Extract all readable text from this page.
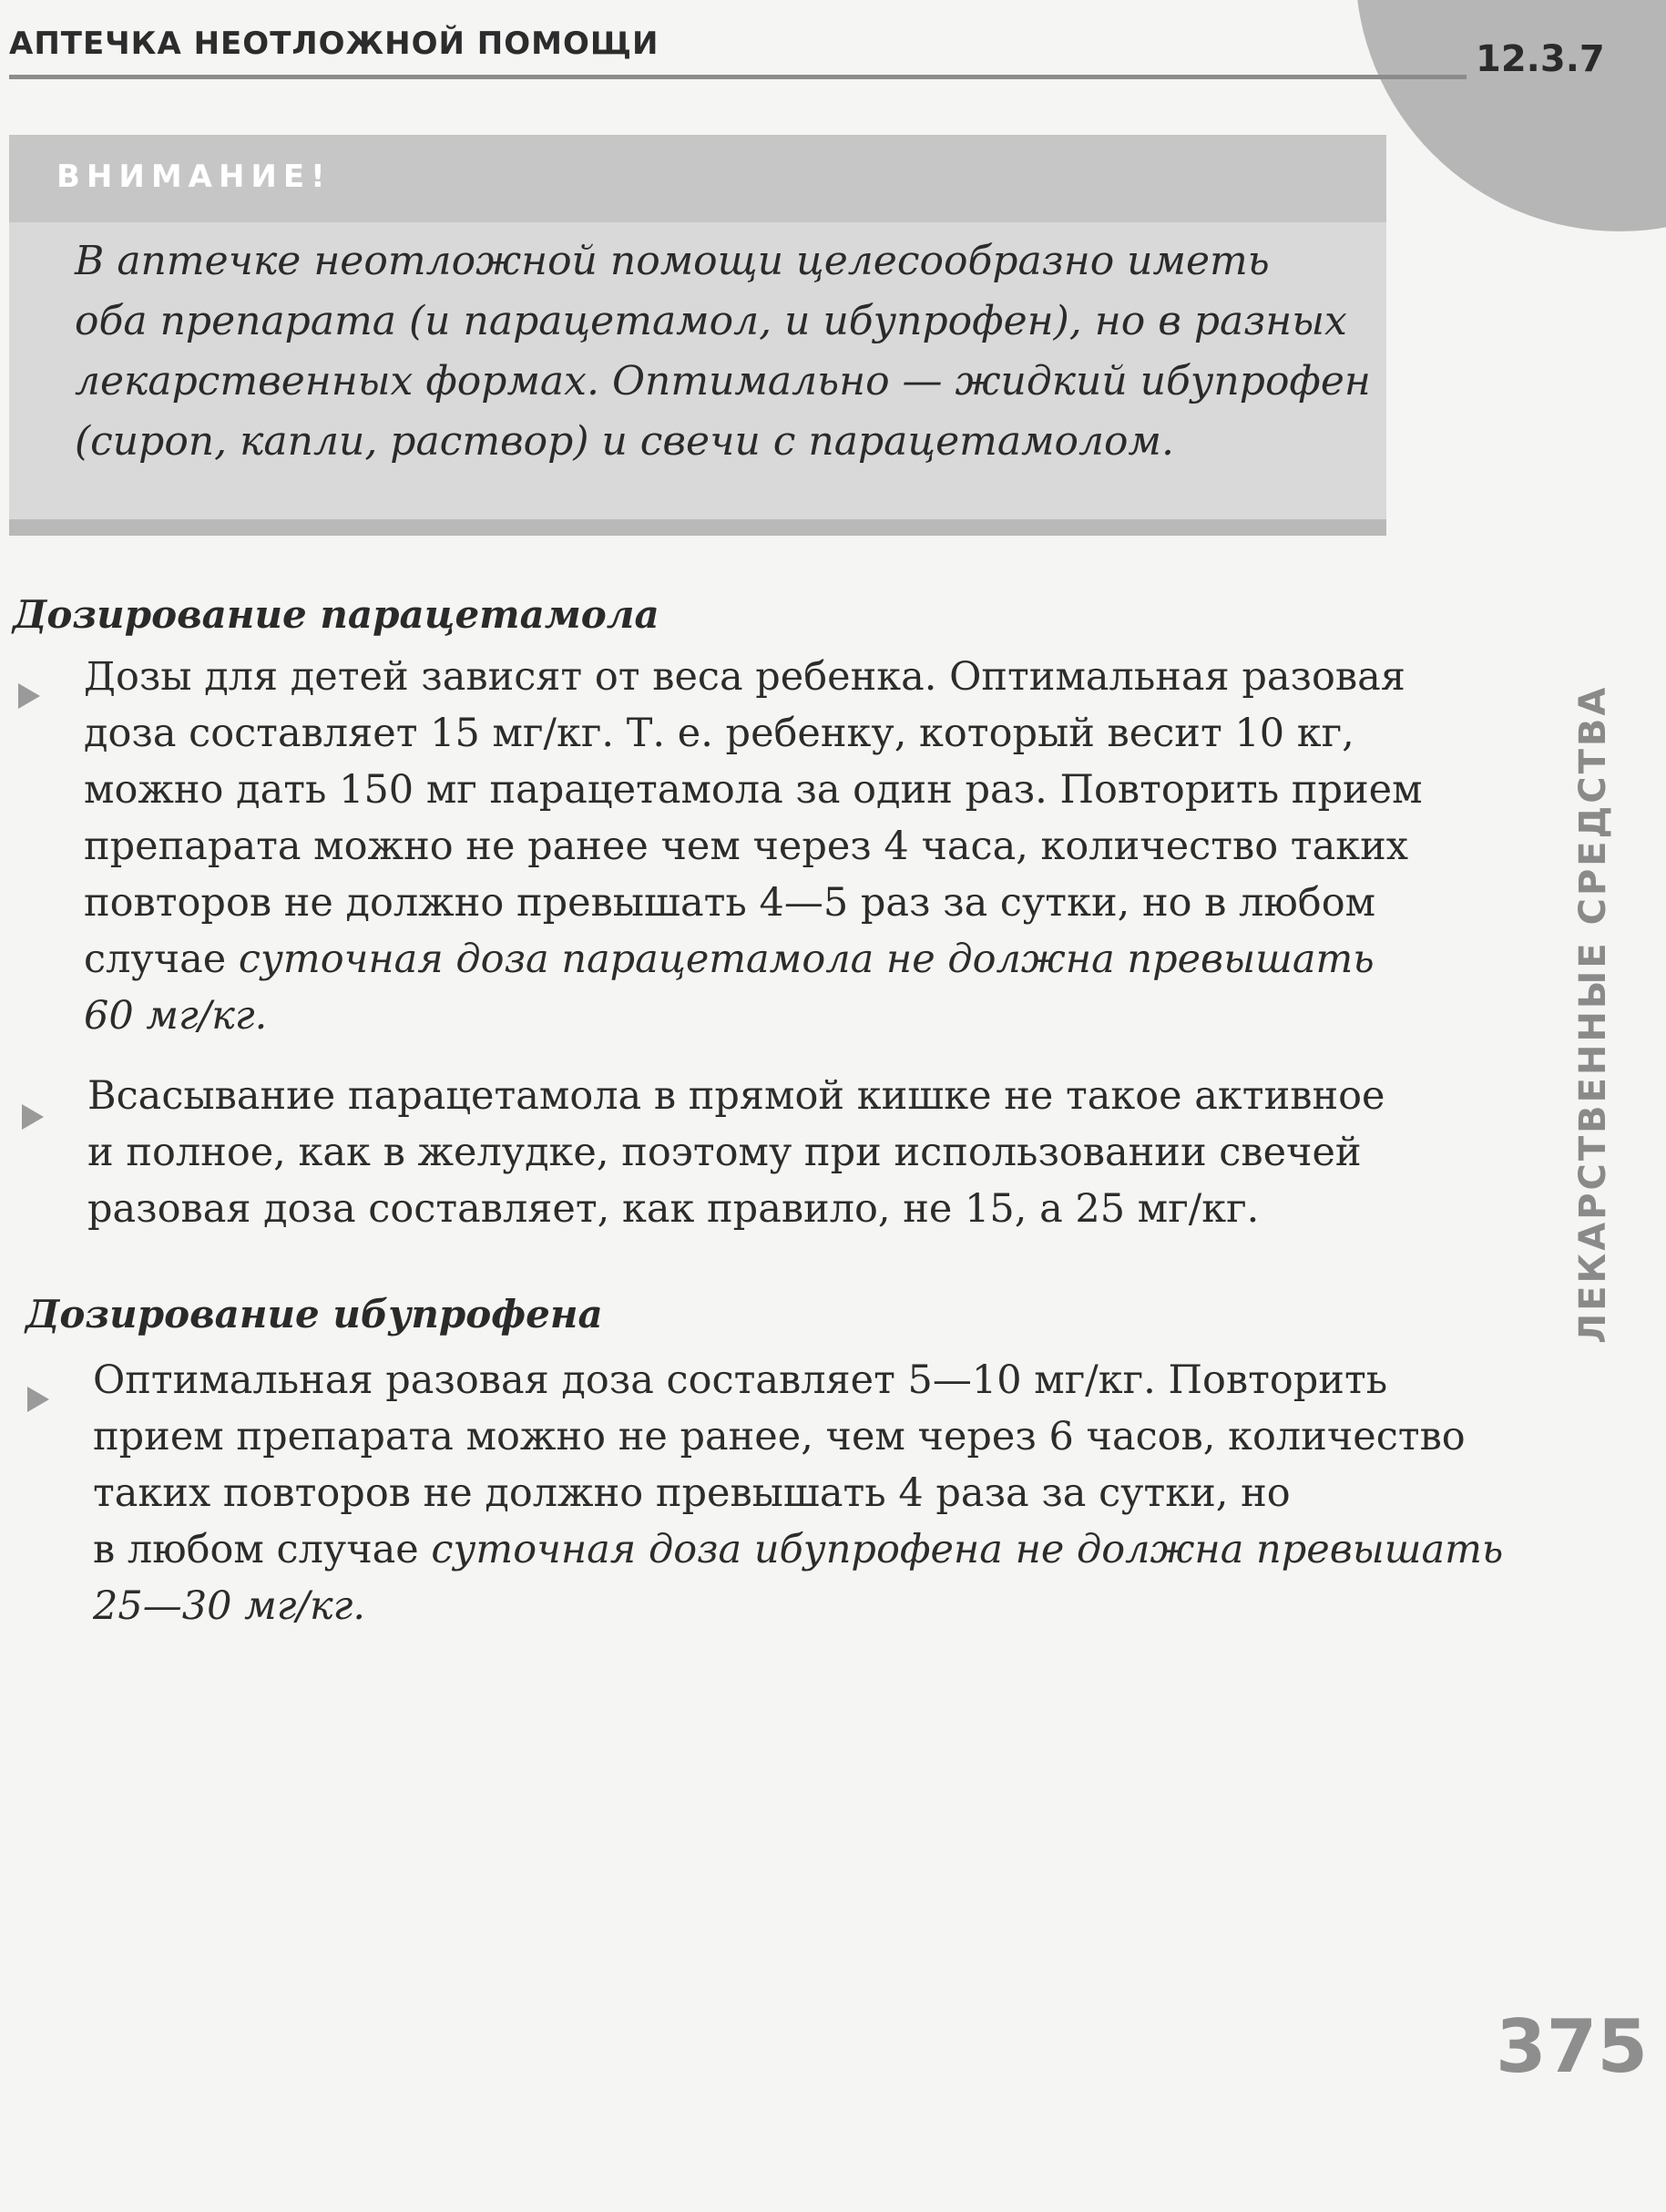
АПТЕЧКА НЕОТЛОЖНОЙ ПОМОЩИ	12.3.7
ВНИМАНИЕ!
В аптечке неотложной помощи целесообразно иметь
оба препарата (и парацетамол, и ибупрофен), но в разных
лекарственных формах. Оптимально — жидкий ибупрофен
(сироп, капли, раствор) и свечи с парацетамолом.
Дозирование парацетамола
Дозы для детей зависят от веса ребенка. Оптимальная разовая
доза составляет 15 мг/кг. Т. е. ребенку, который весит 10 кг,
можно дать 150 мг парацетамола за один раз. Повторить прием
препарата можно не ранее чем через 4 часа, количество таких
повторов не должно превышать 4—5 раз за сутки, но в любом
случае суточная доза парацетамола не должна превышать
60 мг/кг.
Всасывание парацетамола в прямой кишке не такое активное
и полное, как в желудке, поэтому при использовании свечей
разовая доза составляет, как правило, не 15, а 25 мг/кг.
Дозирование ибупрофена
Оптимальная разовая доза составляет 5—10 мг/кг. Повторить
прием препарата можно не ранее, чем через 6 часов, количество
таких повторов не должно превышать 4 раза за сутки, но
в любом случае суточная доза ибупрофена не должна превышать
25—30 мг/кг.
ЛЕКАРСТВЕННЫЕ СРЕДСТВА
375
